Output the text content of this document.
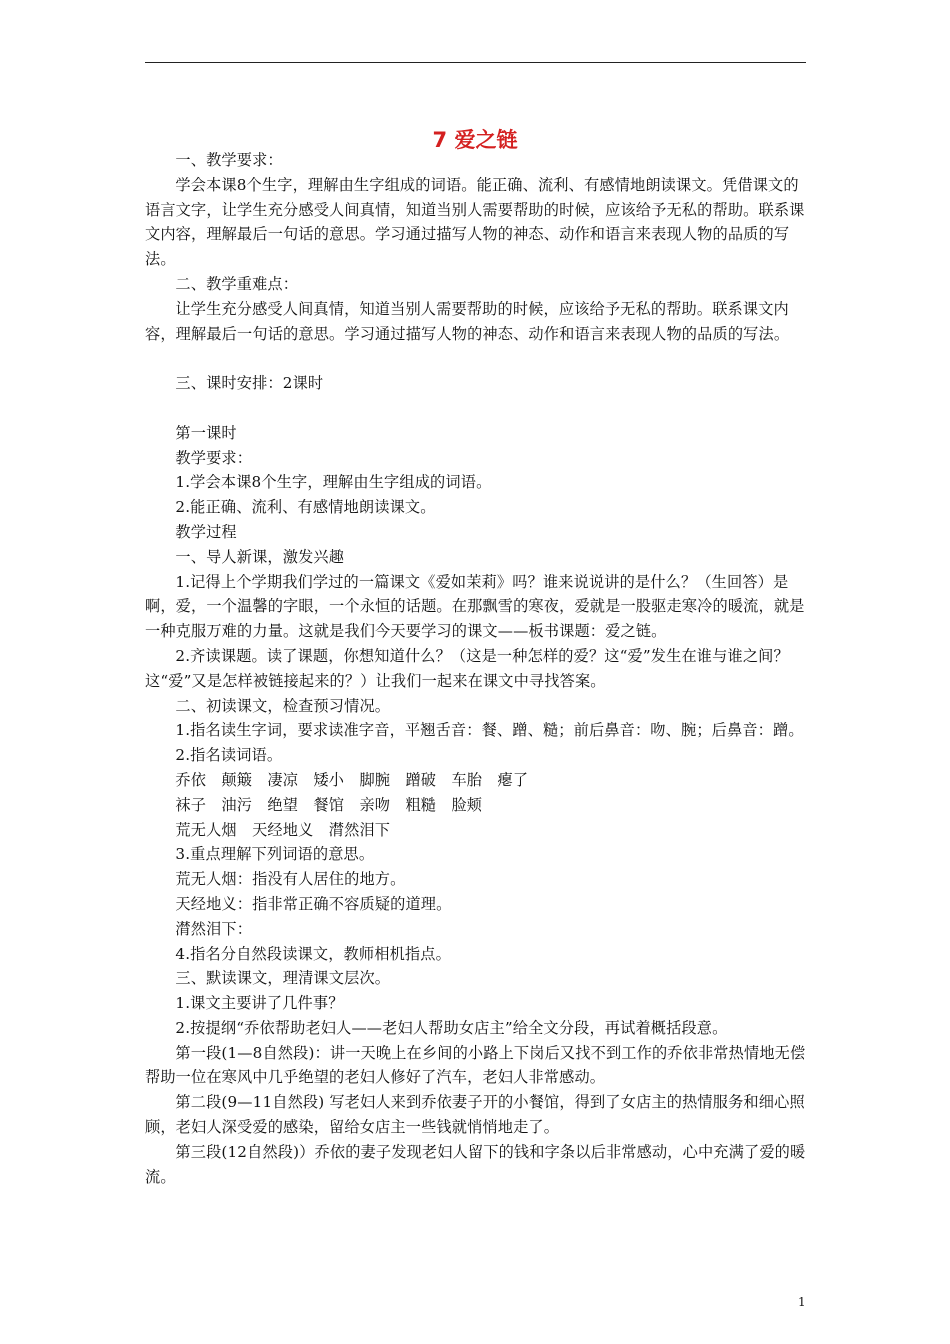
7 爱之链

一、教学要求：

学会本课8个生字，理解由生字组成的词语。能正确、流利、有感情地朗读课文。凭借课文的语言文字，让学生充分感受人间真情，知道当别人需要帮助的时候，应该给予无私的帮助。联系课文内容，理解最后一句话的意思。学习通过描写人物的神态、动作和语言来表现人物的品质的写法。

二、教学重难点：

让学生充分感受人间真情，知道当别人需要帮助的时候，应该给予无私的帮助。联系课文内容，理解最后一句话的意思。学习通过描写人物的神态、动作和语言来表现人物的品质的写法。

三、课时安排：2课时

第一课时

教学要求：

1.学会本课8个生字，理解由生字组成的词语。

2.能正确、流利、有感情地朗读课文。

教学过程

一、导人新课，激发兴趣

1.记得上个学期我们学过的一篇课文《爱如茉莉》吗？谁来说说讲的是什么？（生回答）是啊，爱，一个温馨的字眼，一个永恒的话题。在那飘雪的寒夜，爱就是一股驱走寒冷的暖流，就是一种克服万难的力量。这就是我们今天要学习的课文——板书课题：爱之链。

2.齐读课题。读了课题，你想知道什么？（这是一种怎样的爱？这“爱”发生在谁与谁之间？这“爱”又是怎样被链接起来的？）让我们一起来在课文中寻找答案。

二、初读课文，检查预习情况。

1.指名读生字词，要求读准字音，平翘舌音：餐、蹭、糙；前后鼻音：吻、腕；后鼻音：蹭。

2.指名读词语。

乔依　颠簸　凄凉　矮小　脚腕　蹭破　车胎　瘪了

袜子　油污　绝望　餐馆　亲吻　粗糙　脸颊

荒无人烟　天经地义　潸然泪下

3.重点理解下列词语的意思。

荒无人烟：指没有人居住的地方。

天经地义：指非常正确不容质疑的道理。

潸然泪下：

4.指名分自然段读课文，教师相机指点。

三、默读课文，理清课文层次。

1.课文主要讲了几件事？

2.按提纲“乔依帮助老妇人——老妇人帮助女店主”给全文分段，再试着概括段意。

第一段(1—8自然段)：讲一天晚上在乡间的小路上下岗后又找不到工作的乔依非常热情地无偿帮助一位在寒风中几乎绝望的老妇人修好了汽车，老妇人非常感动。

第二段(9—11自然段) 写老妇人来到乔依妻子开的小餐馆，得到了女店主的热情服务和细心照顾，老妇人深受爱的感染，留给女店主一些钱就悄悄地走了。

第三段(12自然段)）乔依的妻子发现老妇人留下的钱和字条以后非常感动，心中充满了爱的暖流。

1
